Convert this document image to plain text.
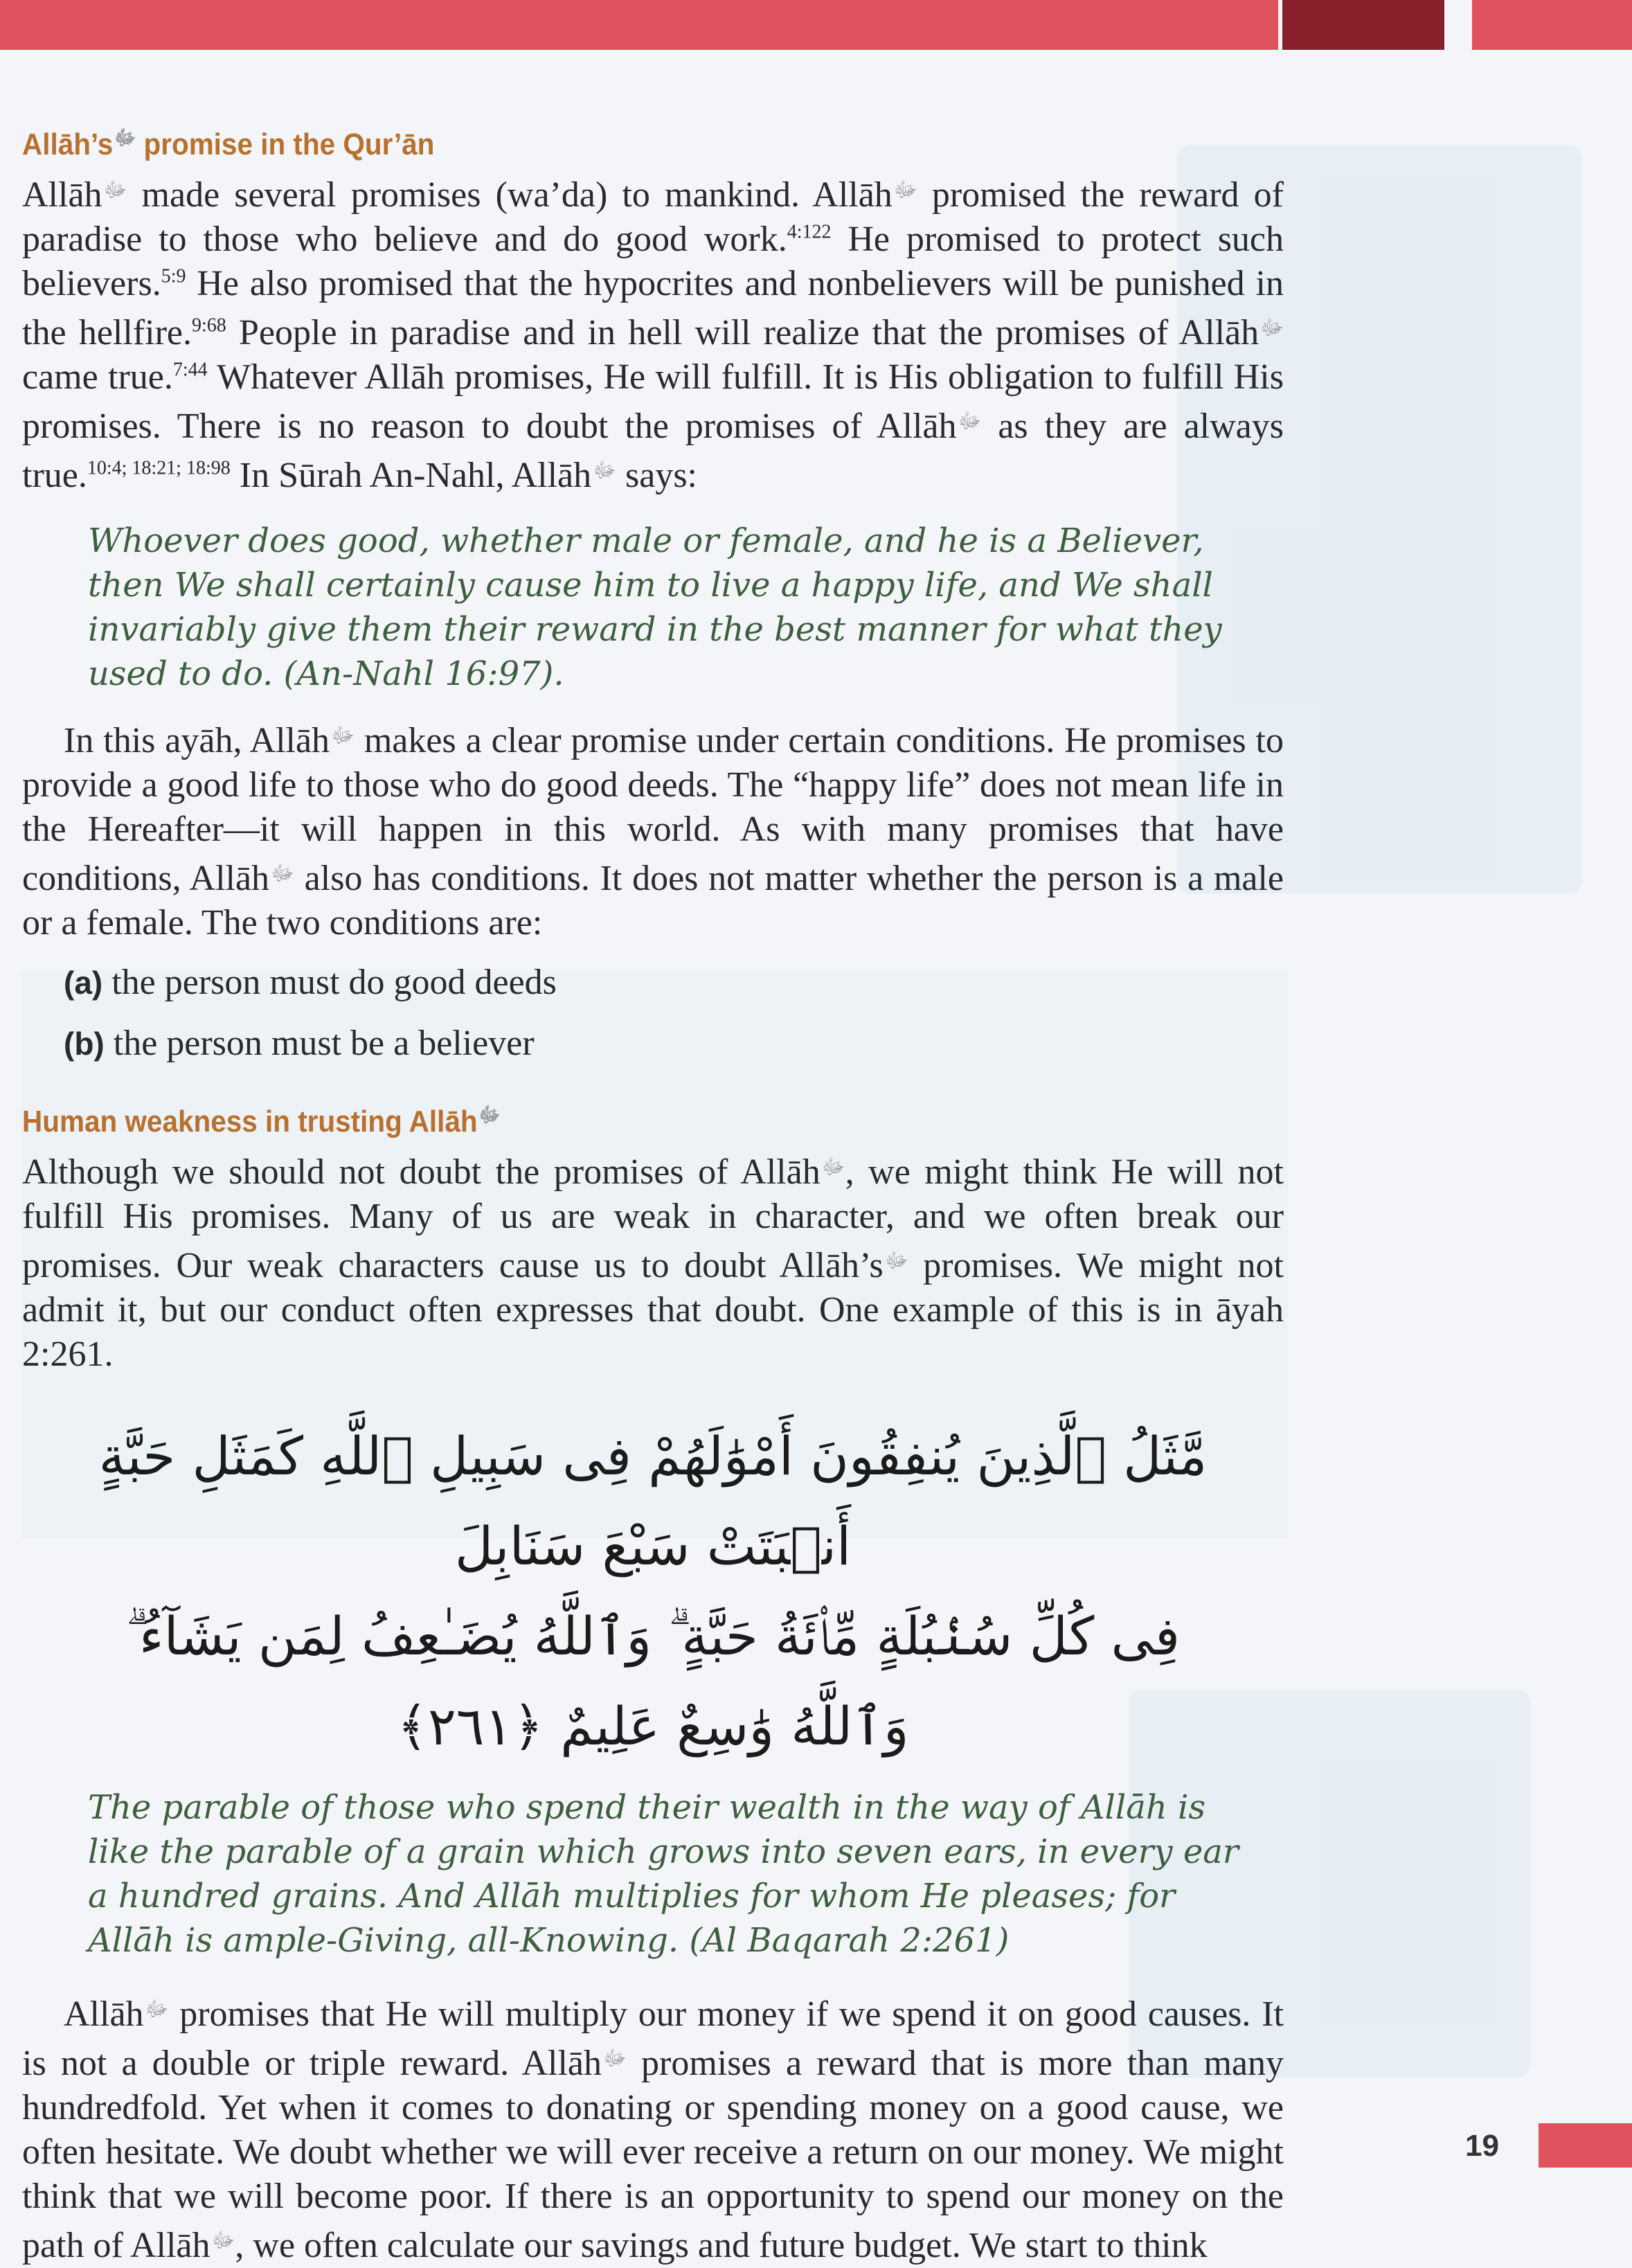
$Allāh’s^ﷻ$ promise in the Qur’ān

Allāh$^ﷻ$ made several promises (wa’da) to mankind. Allāh$^ﷻ$ promised the reward of paradise to those who believe and do good work.$^{4:122}$ He promised to protect such believers.$^{5:9}$ He also promised that the hypocrites and nonbelievers will be punished in the hellfire.$^{9:68}$ People in paradise and in hell will realize that the promises of Allāh$^ﷻ$ came true.$^{7:44}$ Whatever Allāh promises, He will fulfill. It is His obligation to fulfill His promises. There is no reason to doubt the promises of Allāh$^ﷻ$ as they are always true.$^{10:4; 18:21; 18:98}$ In Sūrah An-Nahl, Allāh$^ﷻ$ says:

Whoever does good, whether male or female, and he is a Believer, then We shall certainly cause him to live a happy life, and We shall invariably give them their reward in the best manner for what they used to do. (An-Nahl 16:97).

In this ayāh, Allāh$^ﷻ$ makes a clear promise under certain conditions. He promises to provide a good life to those who do good deeds. The “happy life” does not mean life in the Hereafter—it will happen in this world. As with many promises that have conditions, Allāh$^ﷻ$ also has conditions. It does not matter whether the person is a male or a female. The two conditions are:

(a) the person must do good deeds

(b) the person must be a believer

Human weakness in trusting Allāh$^ﷻ$

Although we should not doubt the promises of Allāh$^ﷻ$, we might think He will not fulfill His promises. Many of us are weak in character, and we often break our promises. Our weak characters cause us to doubt $Allāh’s^ﷻ$ promises. We might not admit it, but our conduct often expresses that doubt. One example of this is in āyah 2:261.

مَّثَلُ ٱلَّذِينَ يُنفِقُونَ أَمْوَٰلَهُمْ فِى سَبِيلِ ٱللَّهِ كَمَثَلِ حَبَّةٍ أَنۢبَتَتْ سَبْعَ سَنَابِلَ

فِى كُلِّ سُنۢبُلَةٍ مِّا۟ئَةُ حَبَّةٍ ۗ وَٱللَّهُ يُضَـٰعِفُ لِمَن يَشَآءُ ۗ وَٱللَّهُ وَٰسِعٌ عَلِيمٌ ﴿٢٦١﴾

The parable of those who spend their wealth in the way of Allāh is like the parable of a grain which grows into seven ears, in every ear a hundred grains. And Allāh multiplies for whom He pleases; for Allāh is ample-Giving, all-Knowing. (Al Baqarah 2:261)

Allāh$^ﷻ$ promises that He will multiply our money if we spend it on good causes. It is not a double or triple reward. Allāh$^ﷻ$ promises a reward that is more than many hundredfold. Yet when it comes to donating or spending money on a good cause, we often hesitate. We doubt whether we will ever receive a return on our money. We might think that we will become poor. If there is an opportunity to spend our money on the path of Allāh$^ﷻ$, we often calculate our savings and future budget. We start to think

19
